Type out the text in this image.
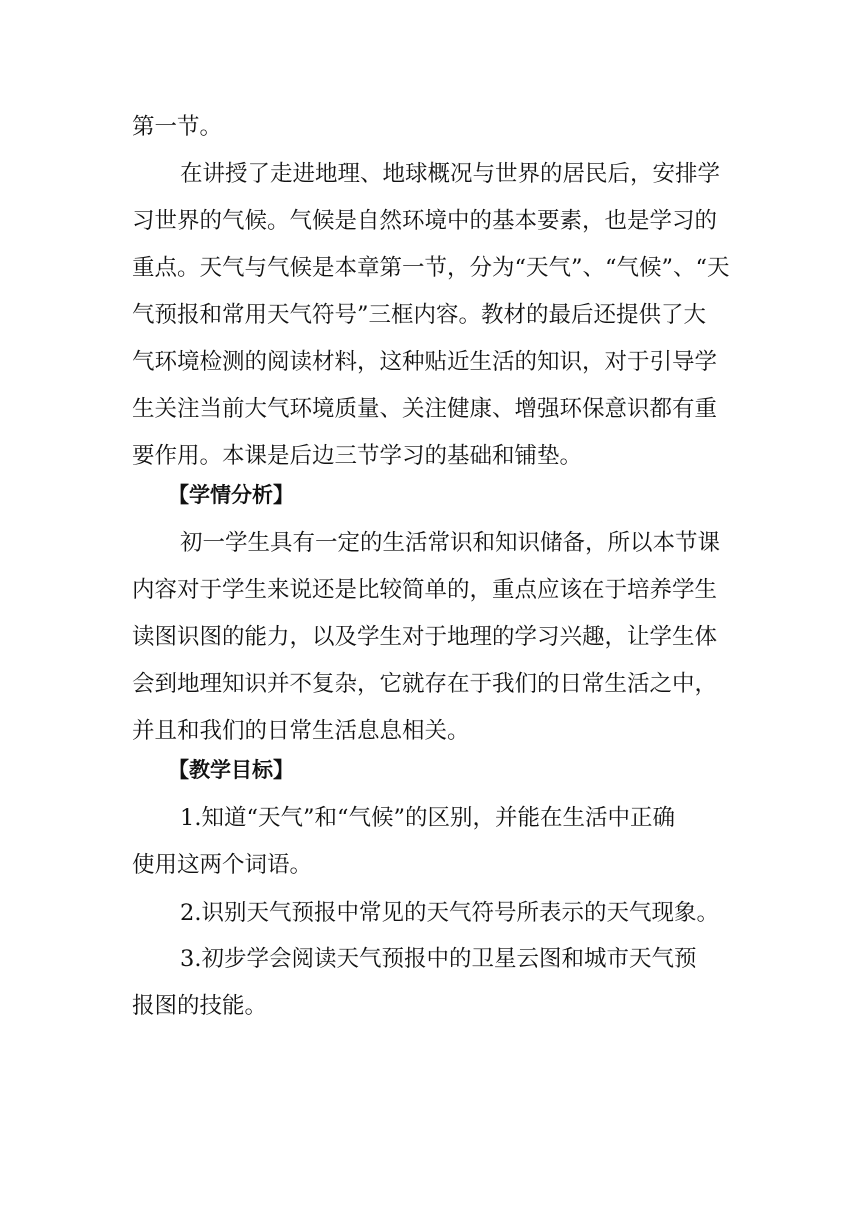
第一节。
在讲授了走进地理、地球概况与世界的居民后，安排学
习世界的气候。气候是自然环境中的基本要素，也是学习的
重点。天气与气候是本章第一节，分为“天气”、“气候”、“天
气预报和常用天气符号”三框内容。教材的最后还提供了大
气环境检测的阅读材料，这种贴近生活的知识，对于引导学
生关注当前大气环境质量、关注健康、增强环保意识都有重
要作用。本课是后边三节学习的基础和铺垫。
【学情分析】
初一学生具有一定的生活常识和知识储备，所以本节课
内容对于学生来说还是比较简单的，重点应该在于培养学生
读图识图的能力，以及学生对于地理的学习兴趣，让学生体
会到地理知识并不复杂，它就存在于我们的日常生活之中，
并且和我们的日常生活息息相关。
【教学目标】
1.知道“天气”和“气候”的区别，并能在生活中正确
使用这两个词语。
2.识别天气预报中常见的天气符号所表示的天气现象。
3.初步学会阅读天气预报中的卫星云图和城市天气预
报图的技能。
